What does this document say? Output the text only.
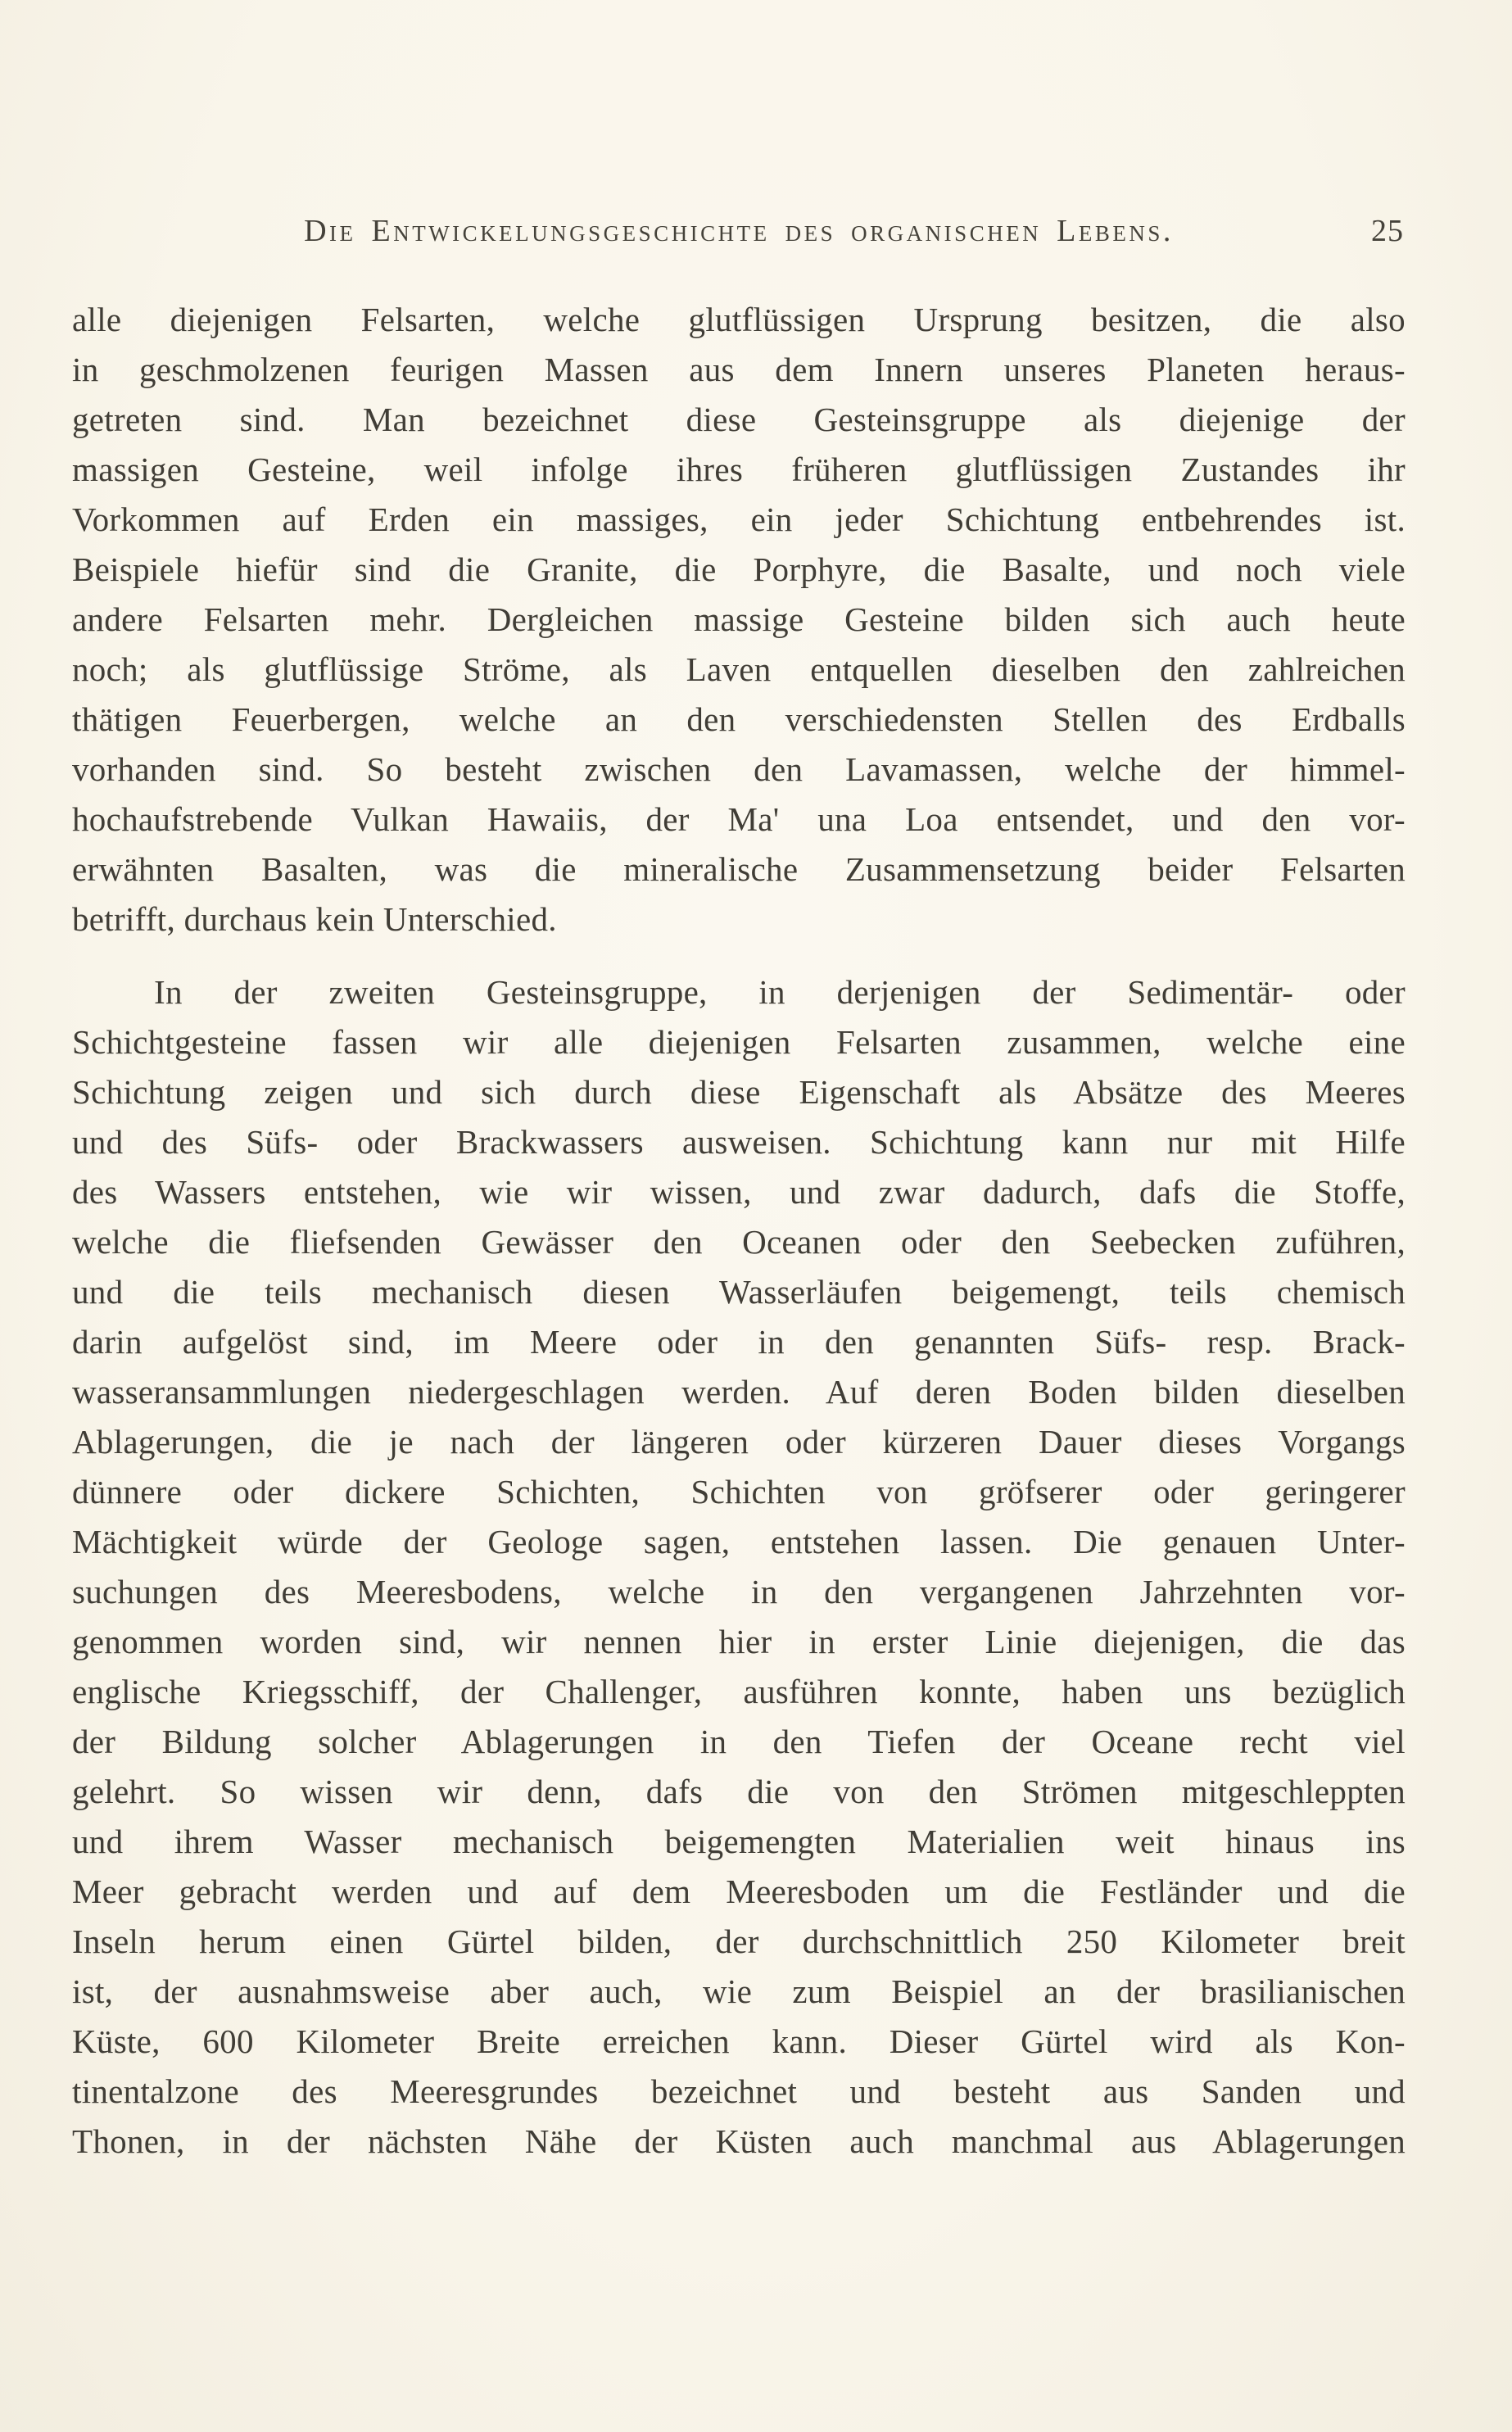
Die Entwickelungsgeschichte des organischen Lebens.	25
alle diejenigen Felsarten, welche glutflüssigen Ursprung besitzen, die also
in geschmolzenen feurigen Massen aus dem Innern unseres Planeten heraus-
getreten sind. Man bezeichnet diese Gesteinsgruppe als diejenige der
massigen Gesteine, weil infolge ihres früheren glutflüssigen Zustandes ihr
Vorkommen auf Erden ein massiges, ein jeder Schichtung entbehrendes ist.
Beispiele hiefür sind die Granite, die Porphyre, die Basalte, und noch viele
andere Felsarten mehr. Dergleichen massige Gesteine bilden sich auch heute
noch; als glutflüssige Ströme, als Laven entquellen dieselben den zahlreichen
thätigen Feuerbergen, welche an den verschiedensten Stellen des Erdballs
vorhanden sind. So besteht zwischen den Lavamassen, welche der himmel-
hochaufstrebende Vulkan Hawaiis, der Ma' una Loa entsendet, und den vor-
erwähnten Basalten, was die mineralische Zusammensetzung beider Felsarten
betrifft, durchaus kein Unterschied.
In der zweiten Gesteinsgruppe, in derjenigen der Sedimentär- oder
Schichtgesteine fassen wir alle diejenigen Felsarten zusammen, welche eine
Schichtung zeigen und sich durch diese Eigenschaft als Absätze des Meeres
und des Süfs- oder Brackwassers ausweisen. Schichtung kann nur mit Hilfe
des Wassers entstehen, wie wir wissen, und zwar dadurch, dafs die Stoffe,
welche die fliefsenden Gewässer den Oceanen oder den Seebecken zuführen,
und die teils mechanisch diesen Wasserläufen beigemengt, teils chemisch
darin aufgelöst sind, im Meere oder in den genannten Süfs- resp. Brack-
wasseransammlungen niedergeschlagen werden. Auf deren Boden bilden dieselben
Ablagerungen, die je nach der längeren oder kürzeren Dauer dieses Vorgangs
dünnere oder dickere Schichten, Schichten von gröfserer oder geringerer
Mächtigkeit würde der Geologe sagen, entstehen lassen. Die genauen Unter-
suchungen des Meeresbodens, welche in den vergangenen Jahrzehnten vor-
genommen worden sind, wir nennen hier in erster Linie diejenigen, die das
englische Kriegsschiff, der Challenger, ausführen konnte, haben uns bezüglich
der Bildung solcher Ablagerungen in den Tiefen der Oceane recht viel
gelehrt. So wissen wir denn, dafs die von den Strömen mitgeschleppten
und ihrem Wasser mechanisch beigemengten Materialien weit hinaus ins
Meer gebracht werden und auf dem Meeresboden um die Festländer und die
Inseln herum einen Gürtel bilden, der durchschnittlich 250 Kilometer breit
ist, der ausnahmsweise aber auch, wie zum Beispiel an der brasilianischen
Küste, 600 Kilometer Breite erreichen kann. Dieser Gürtel wird als Kon-
tinentalzone des Meeresgrundes bezeichnet und besteht aus Sanden und
Thonen, in der nächsten Nähe der Küsten auch manchmal aus Ablagerungen
